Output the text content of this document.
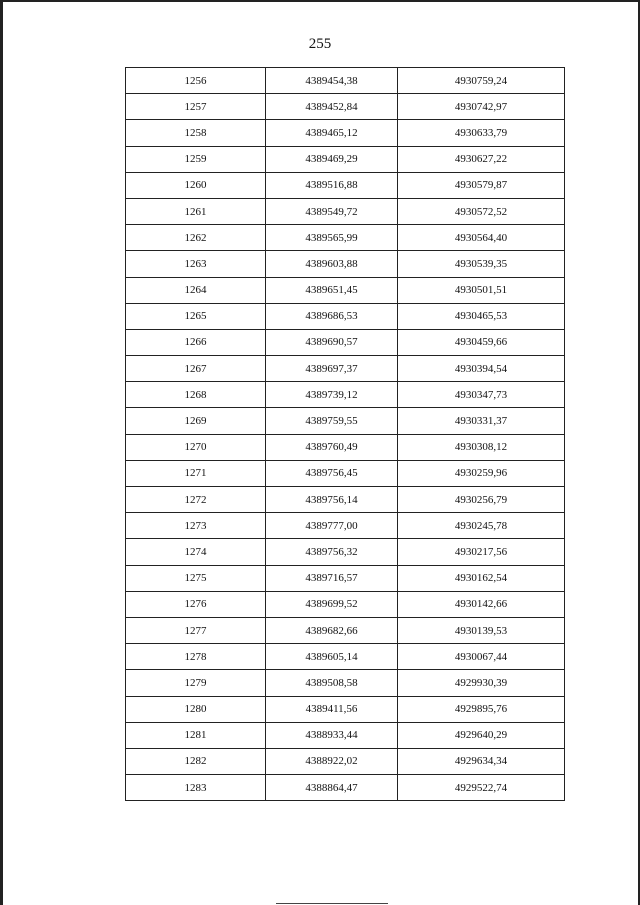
255
1256	4389454,38	4930759,24
1257	4389452,84	4930742,97
1258	4389465,12	4930633,79
1259	4389469,29	4930627,22
1260	4389516,88	4930579,87
1261	4389549,72	4930572,52
1262	4389565,99	4930564,40
1263	4389603,88	4930539,35
1264	4389651,45	4930501,51
1265	4389686,53	4930465,53
1266	4389690,57	4930459,66
1267	4389697,37	4930394,54
1268	4389739,12	4930347,73
1269	4389759,55	4930331,37
1270	4389760,49	4930308,12
1271	4389756,45	4930259,96
1272	4389756,14	4930256,79
1273	4389777,00	4930245,78
1274	4389756,32	4930217,56
1275	4389716,57	4930162,54
1276	4389699,52	4930142,66
1277	4389682,66	4930139,53
1278	4389605,14	4930067,44
1279	4389508,58	4929930,39
1280	4389411,56	4929895,76
1281	4388933,44	4929640,29
1282	4388922,02	4929634,34
1283	4388864,47	4929522,74
